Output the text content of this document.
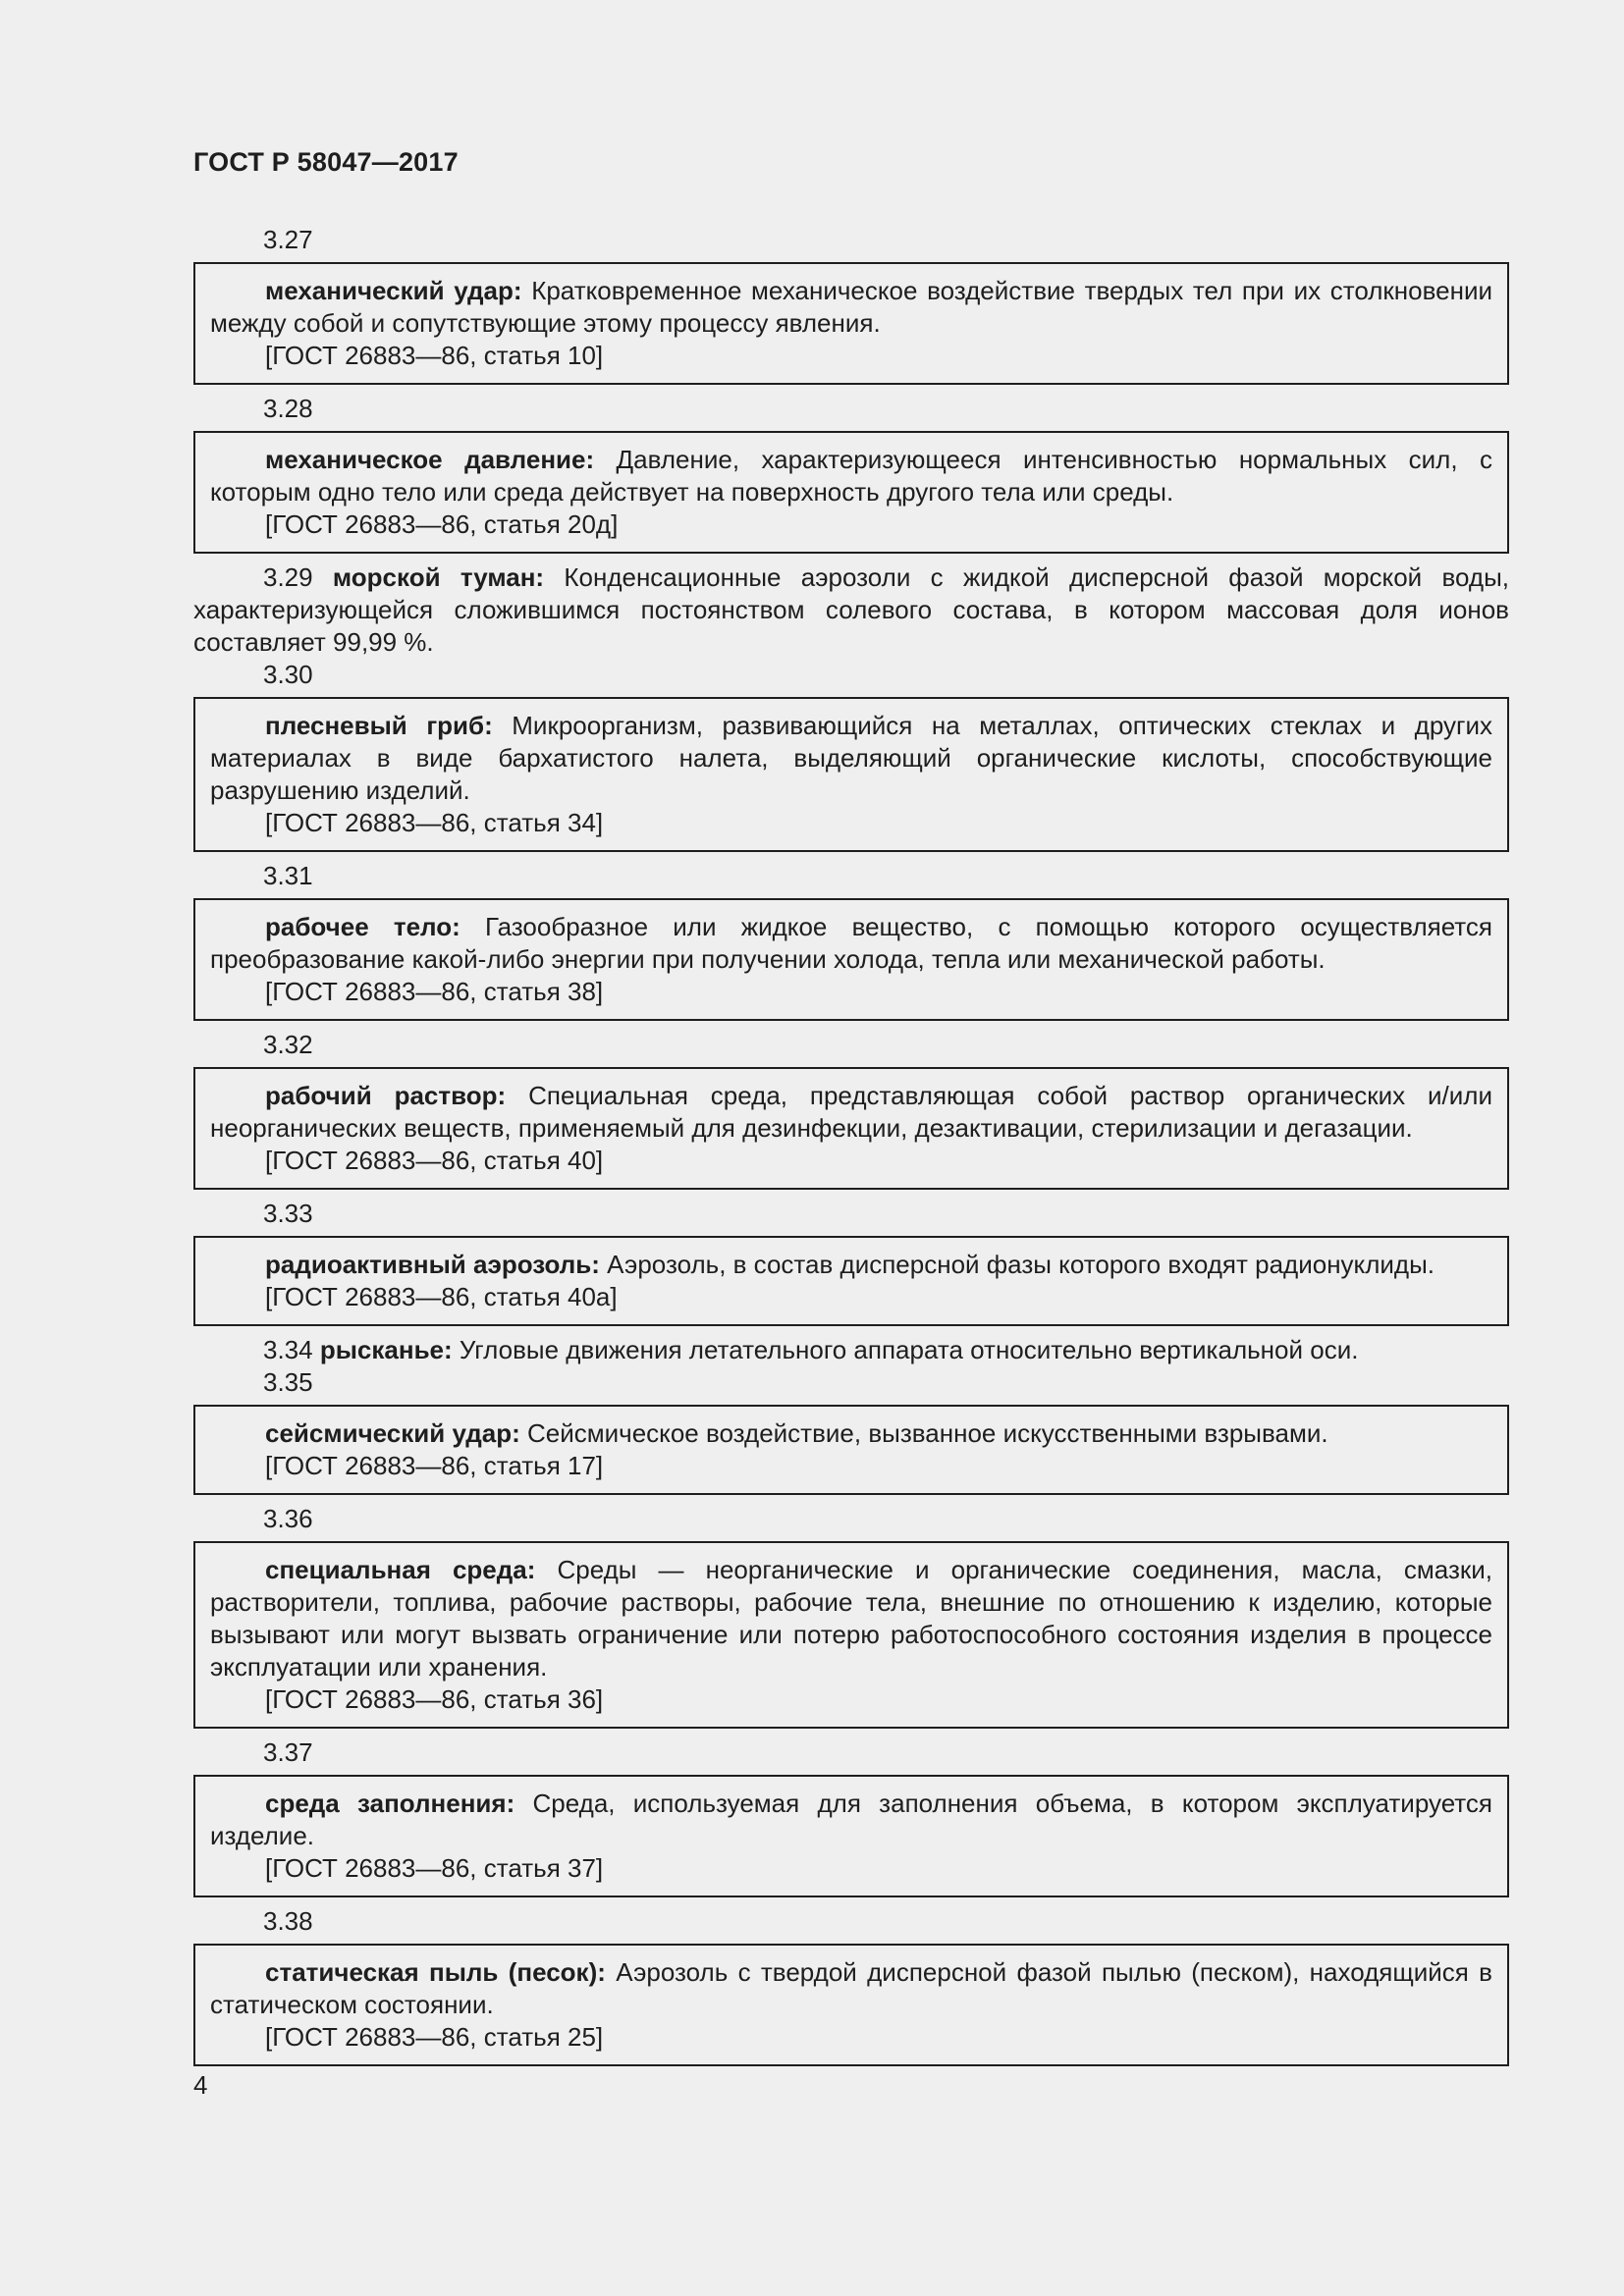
ГОСТ Р 58047—2017
3.27
механический удар: Кратковременное механическое воздействие твердых тел при их столкновении между собой и сопутствующие этому процессу явления.
[ГОСТ 26883—86, статья 10]
3.28
механическое давление: Давление, характеризующееся интенсивностью нормальных сил, с которым одно тело или среда действует на поверхность другого тела или среды.
[ГОСТ 26883—86, статья 20д]
3.29 морской туман: Конденсационные аэрозоли с жидкой дисперсной фазой морской воды, характеризующейся сложившимся постоянством солевого состава, в котором массовая доля ионов составляет 99,99 %.
3.30
плесневый гриб: Микроорганизм, развивающийся на металлах, оптических стеклах и других материалах в виде бархатистого налета, выделяющий органические кислоты, способствующие разрушению изделий.
[ГОСТ 26883—86, статья 34]
3.31
рабочее тело: Газообразное или жидкое вещество, с помощью которого осуществляется преобразование какой-либо энергии при получении холода, тепла или механической работы.
[ГОСТ 26883—86, статья 38]
3.32
рабочий раствор: Специальная среда, представляющая собой раствор органических и/или неорганических веществ, применяемый для дезинфекции, дезактивации, стерилизации и дегазации.
[ГОСТ 26883—86, статья 40]
3.33
радиоактивный аэрозоль: Аэрозоль, в состав дисперсной фазы которого входят радионуклиды.
[ГОСТ 26883—86, статья 40а]
3.34 рысканье: Угловые движения летательного аппарата относительно вертикальной оси.
3.35
сейсмический удар: Сейсмическое воздействие, вызванное искусственными взрывами.
[ГОСТ 26883—86, статья 17]
3.36
специальная среда: Среды — неорганические и органические соединения, масла, смазки, растворители, топлива, рабочие растворы, рабочие тела, внешние по отношению к изделию, которые вызывают или могут вызвать ограничение или потерю работоспособного состояния изделия в процессе эксплуатации или хранения.
[ГОСТ 26883—86, статья 36]
3.37
среда заполнения: Среда, используемая для заполнения объема, в котором эксплуатируется изделие.
[ГОСТ 26883—86, статья 37]
3.38
статическая пыль (песок): Аэрозоль с твердой дисперсной фазой пылью (песком), находящийся в статическом состоянии.
[ГОСТ 26883—86, статья 25]
4
